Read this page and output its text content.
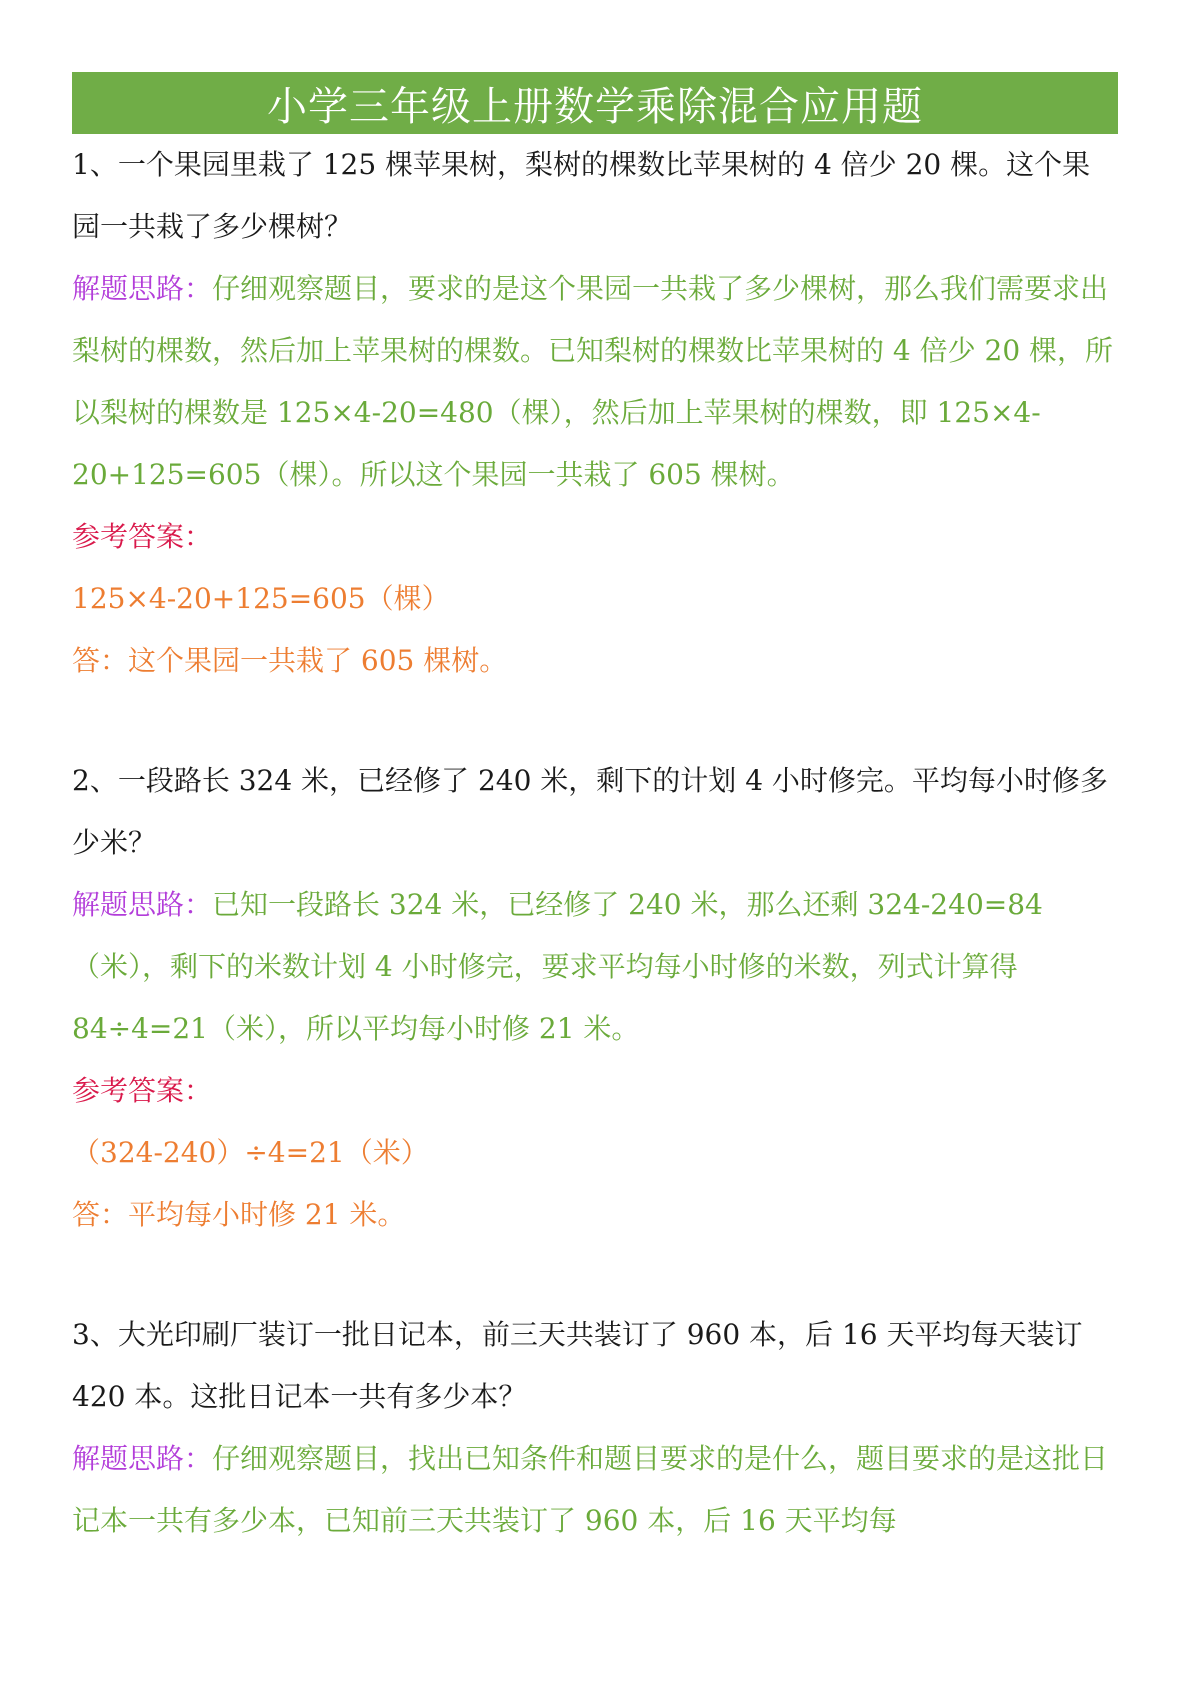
小学三年级上册数学乘除混合应用题

1、一个果园里栽了 125 棵苹果树，梨树的棵数比苹果树的 4 倍少 20 棵。这个果园一共栽了多少棵树？

解题思路：仔细观察题目，要求的是这个果园一共栽了多少棵树，那么我们需要求出梨树的棵数，然后加上苹果树的棵数。已知梨树的棵数比苹果树的 4 倍少 20 棵，所以梨树的棵数是 125×4-20=480（棵），然后加上苹果树的棵数，即 125×4-20+125=605（棵）。所以这个果园一共栽了 605 棵树。

参考答案：

125×4-20+125=605（棵）

答：这个果园一共栽了 605 棵树。

2、一段路长 324 米，已经修了 240 米，剩下的计划 4 小时修完。平均每小时修多少米？

解题思路：已知一段路长 324 米，已经修了 240 米，那么还剩 324-240=84（米），剩下的米数计划 4 小时修完，要求平均每小时修的米数，列式计算得 84÷4=21（米），所以平均每小时修 21 米。

参考答案：

（324-240）÷4=21（米）

答：平均每小时修 21 米。

3、大光印刷厂装订一批日记本，前三天共装订了 960 本，后 16 天平均每天装订 420 本。这批日记本一共有多少本？

解题思路：仔细观察题目，找出已知条件和题目要求的是什么，题目要求的是这批日记本一共有多少本，已知前三天共装订了 960 本，后 16 天平均每
